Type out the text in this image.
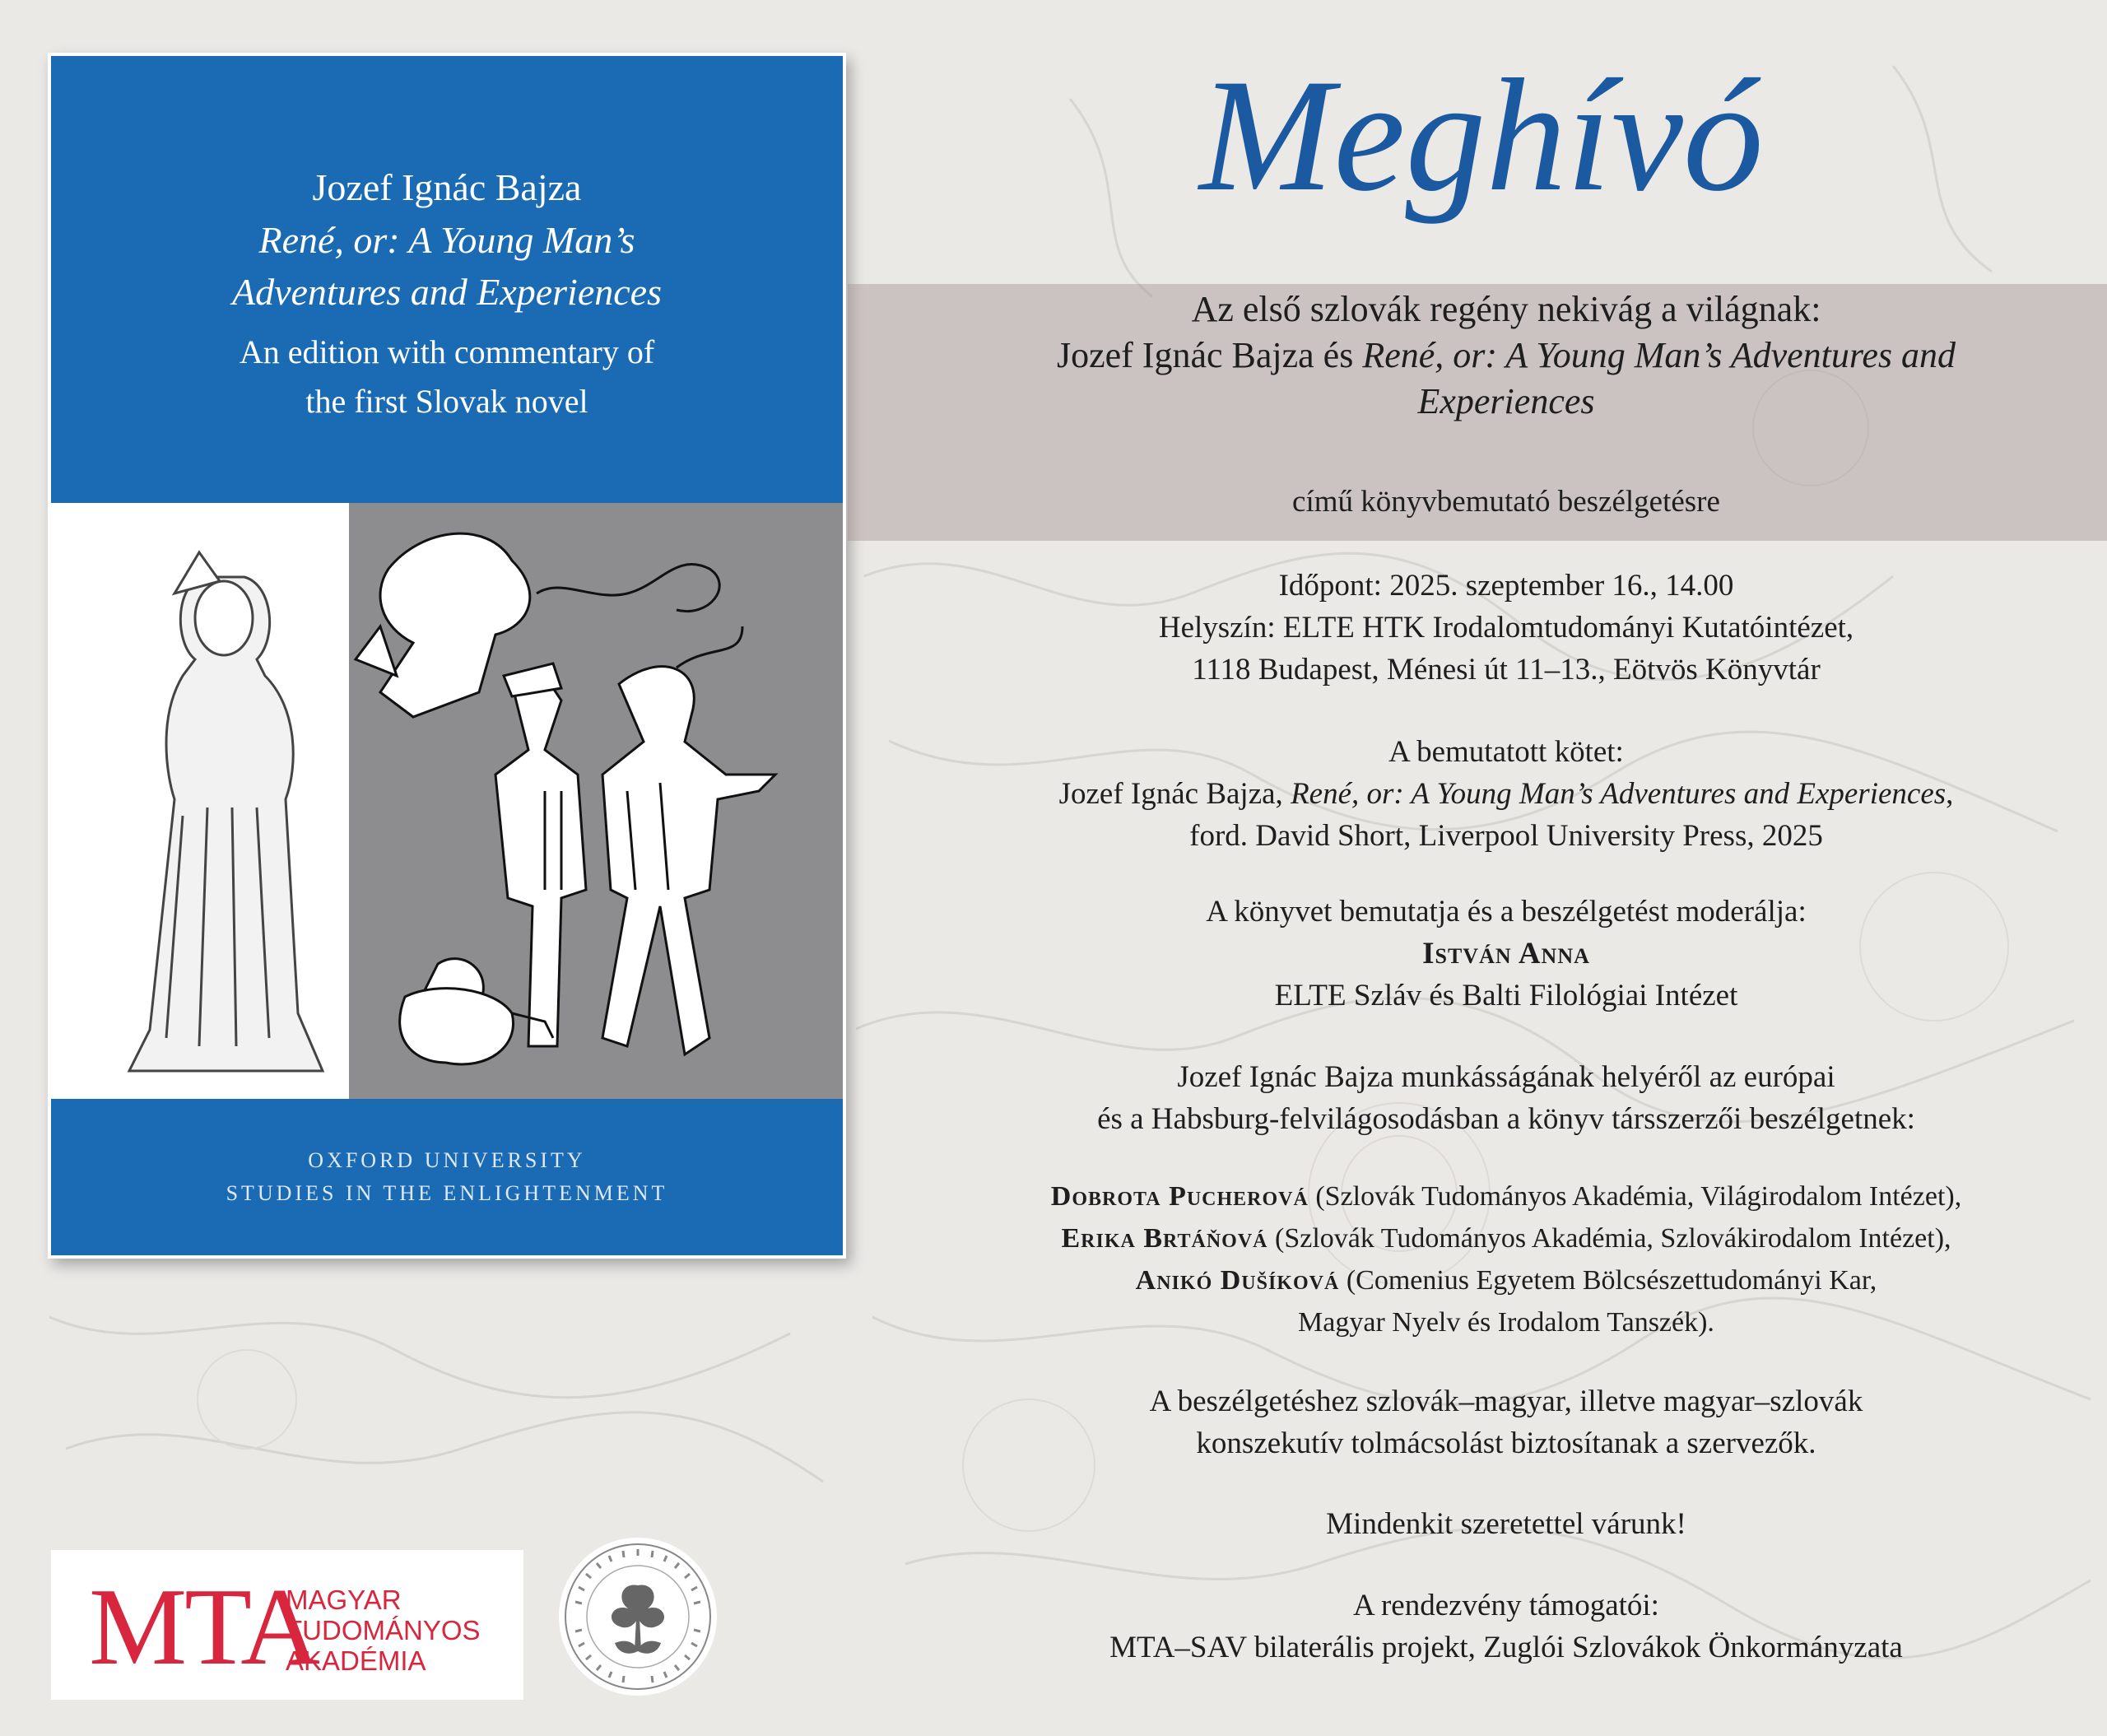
Jozef Ignác Bajza
René, or: A Young Man’s
Adventures and Experiences
An edition with commentary of
the first Slovak novel
OXFORD UNIVERSITY
STUDIES IN THE ENLIGHTENMENT
Meghívó
Az első szlovák regény nekivág a világnak:
Jozef Ignác Bajza és René, or: A Young Man’s Adventures and
Experiences
című könyvbemutató beszélgetésre
Időpont: 2025. szeptember 16., 14.00
Helyszín: ELTE HTK Irodalomtudományi Kutatóintézet,
1118 Budapest, Ménesi út 11–13., Eötvös Könyvtár
A bemutatott kötet:
Jozef Ignác Bajza, René, or: A Young Man’s Adventures and Experiences,
ford. David Short, Liverpool University Press, 2025
A könyvet bemutatja és a beszélgetést moderálja:
István Anna
ELTE Szláv és Balti Filológiai Intézet
Jozef Ignác Bajza munkásságának helyéről az európai
és a Habsburg-felvilágosodásban a könyv társszerzői beszélgetnek:
Dobrota Pucherová (Szlovák Tudományos Akadémia, Világirodalom Intézet),
Erika Brtáňová (Szlovák Tudományos Akadémia, Szlovákirodalom Intézet),
Anikó Dušíková (Comenius Egyetem Bölcsészettudományi Kar,
Magyar Nyelv és Irodalom Tanszék).
A beszélgetéshez szlovák–magyar, illetve magyar–szlovák
konszekutív tolmácsolást biztosítanak a szervezők.
Mindenkit szeretettel várunk!
A rendezvény támogatói:
MTA–SAV bilaterális projekt, Zuglói Szlovákok Önkormányzata
MTA
MAGYAR
TUDOMÁNYOS
AKADÉMIA
